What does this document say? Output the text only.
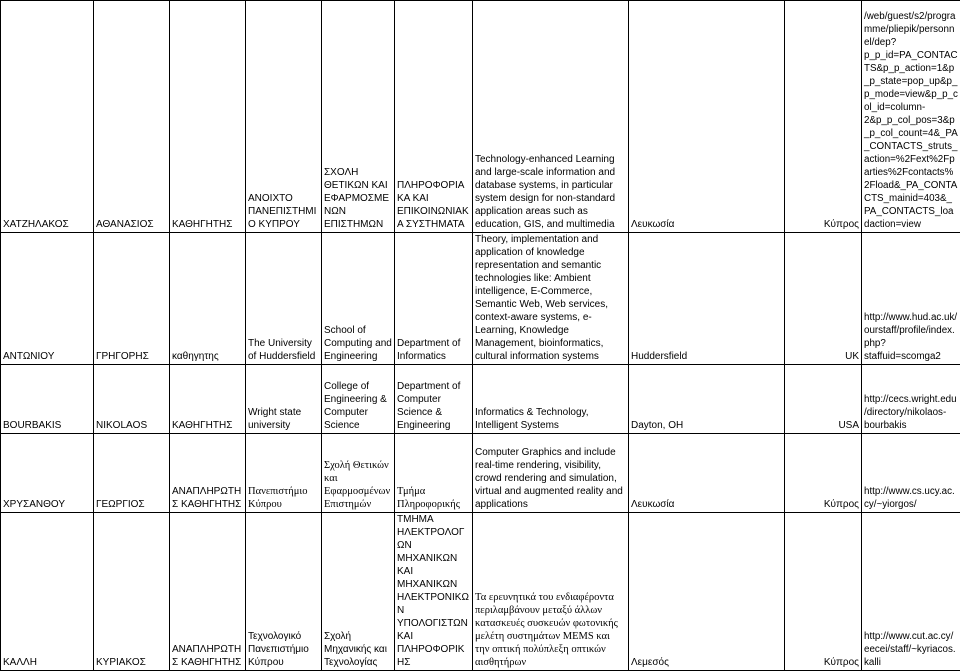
ΧΑΤΖΗΛΑΚΟΣ	ΑΘΑΝΑΣΙΟΣ	ΚΑΘΗΓΗΤΗΣ	ΑΝΟΙΧΤΟ ΠΑΝΕΠΙΣΤΗΜΙΟ ΚΥΠΡΟΥ	ΣΧΟΛΗ ΘΕΤΙΚΩΝ ΚΑΙ ΕΦΑΡΜΟΣΜΕΝΩΝ ΕΠΙΣΤΗΜΩΝ	ΠΛΗΡΟΦΟΡΙΑΚΑ ΚΑΙ ΕΠΙΚΟΙΝΩΝΙΑΚΑ ΣΥΣΤΗΜΑΤΑ	Technology-enhanced Learning and large-scale information and database systems, in particular system design for non-standard application areas such as education, GIS, and multimedia	Λευκωσία	Κύπρος	/web/guest/s2/programme/pliepik/personnel/dep?p_p_id=PA_CONTACTS&p_p_action=1&p_p_state=pop_up&p_p_mode=view&p_p_col_id=column-2&p_p_col_pos=3&p_p_col_count=4&_PA_CONTACTS_struts_action=%2Fext%2Fparties%2Fcontacts%2Fload&_PA_CONTACTS_mainid=403&_PA_CONTACTS_loadaction=view
ΑΝΤΩΝΙΟΥ	ΓΡΗΓΟΡΗΣ	καθηγητης	The University of Huddersfield	School of Computing and Engineering	Department of Informatics	Theory, implementation and application of knowledge representation and semantic technologies like: Ambient intelligence, E-Commerce, Semantic Web, Web services, context-aware systems, e-Learning, Knowledge Management, bioinformatics, cultural information systems	Huddersfield	UK	http://www.hud.ac.uk/ourstaff/profile/index.php?staffuid=scomga2
BOURBAKIS	NIKOLAOS	ΚΑΘΗΓΗΤΗΣ	Wright state university	College of Engineering & Computer Science	Department of Computer Science & Engineering	Informatics & Technology, Intelligent Systems	Dayton, OH	USA	http://cecs.wright.edu/directory/nikolaos-bourbakis
ΧΡΥΣΑΝΘΟΥ	ΓΕΩΡΓΙΟΣ	ΑΝΑΠΛΗΡΩΤΗΣ ΚΑΘΗΓΗΤΗΣ	Πανεπιστήμιο Κύπρου	Σχολή Θετικών και Εφαρμοσμένων Επιστημών	Τμήμα Πληροφορικής	Computer Graphics and include real-time rendering, visibility, crowd rendering and simulation, virtual and augmented reality and applications	Λευκωσία	Κύπρος	http://www.cs.ucy.ac.cy/~yiorgos/
ΚΑΛΛΗ	ΚΥΡΙΑΚΟΣ	ΑΝΑΠΛΗΡΩΤΗΣ ΚΑΘΗΓΗΤΗΣ	Τεχνολογικό Πανεπιστήμιο Κύπρου	Σχολή Μηχανικής και Τεχνολογίας	ΤΜΗΜΑ ΗΛΕΚΤΡΟΛΟΓΩΝ ΜΗΧΑΝΙΚΩΝ ΚΑΙ ΜΗΧΑΝΙΚΩΝ ΗΛΕΚΤΡΟΝΙΚΩΝ ΥΠΟΛΟΓΙΣΤΩΝ ΚΑΙ ΠΛΗΡΟΦΟΡΙΚΗΣ	Τα ερευνητικά του ενδιαφέροντα περιλαμβάνουν μεταξύ άλλων κατασκευές συσκευών φωτονικής μελέτη συστημάτων MEMS και την οπτική πολύπλεξη οπτικών αισθητήρων	Λεμεσός	Κύπρος	http://www.cut.ac.cy/eecei/staff/~kyriacos.kalli
